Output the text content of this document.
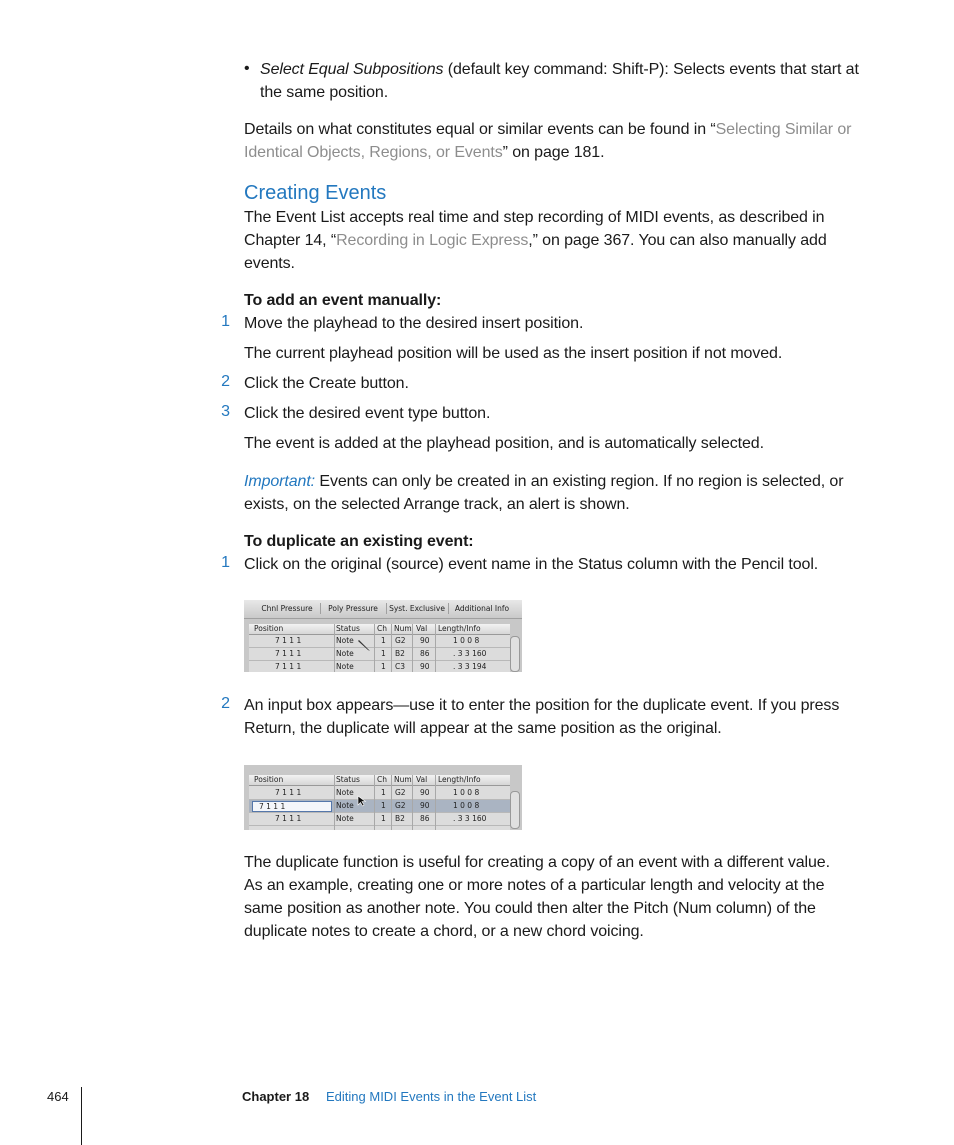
• Select Equal Subpositions (default key command: Shift-P): Selects events that start at
the same position.
Details on what constitutes equal or similar events can be found in “Selecting Similar or
Identical Objects, Regions, or Events” on page 181.
Creating Events
The Event List accepts real time and step recording of MIDI events, as described in
Chapter 14, “Recording in Logic Express,” on page 367. You can also manually add
events.
To add an event manually:
1 Move the playhead to the desired insert position.
The current playhead position will be used as the insert position if not moved.
2 Click the Create button.
3 Click the desired event type button.
The event is added at the playhead position, and is automatically selected.
Important: Events can only be created in an existing region. If no region is selected, or
exists, on the selected Arrange track, an alert is shown.
To duplicate an existing event:
1 Click on the original (source) event name in the Status column with the Pencil tool.
Chnl Pressure	Poly Pressure	Syst. Exclusive	Additional Info
Position	Status Ch Num Val Length/Info
7 1 1 1	Note	1 G2 90	1 0 0 8
7 1 1 1	Note	1 B2 86	. 3 3 160
7 1 1 1	Note	1 C3 90	. 3 3 194
2 An input box appears—use it to enter the position for the duplicate event. If you press
Return, the duplicate will appear at the same position as the original.
Position	Status Ch Num Val Length/Info
7 1 1 1	Note	1 G2 90	1 0 0 8
7 1 1 1	Note	1 G2 90	1 0 0 8
7 1 1 1	Note	1 B2 86	. 3 3 160
The duplicate function is useful for creating a copy of an event with a different value.
As an example, creating one or more notes of a particular length and velocity at the
same position as another note. You could then alter the Pitch (Num column) of the
duplicate notes to create a chord, or a new chord voicing.
464	Chapter 18 Editing MIDI Events in the Event List
